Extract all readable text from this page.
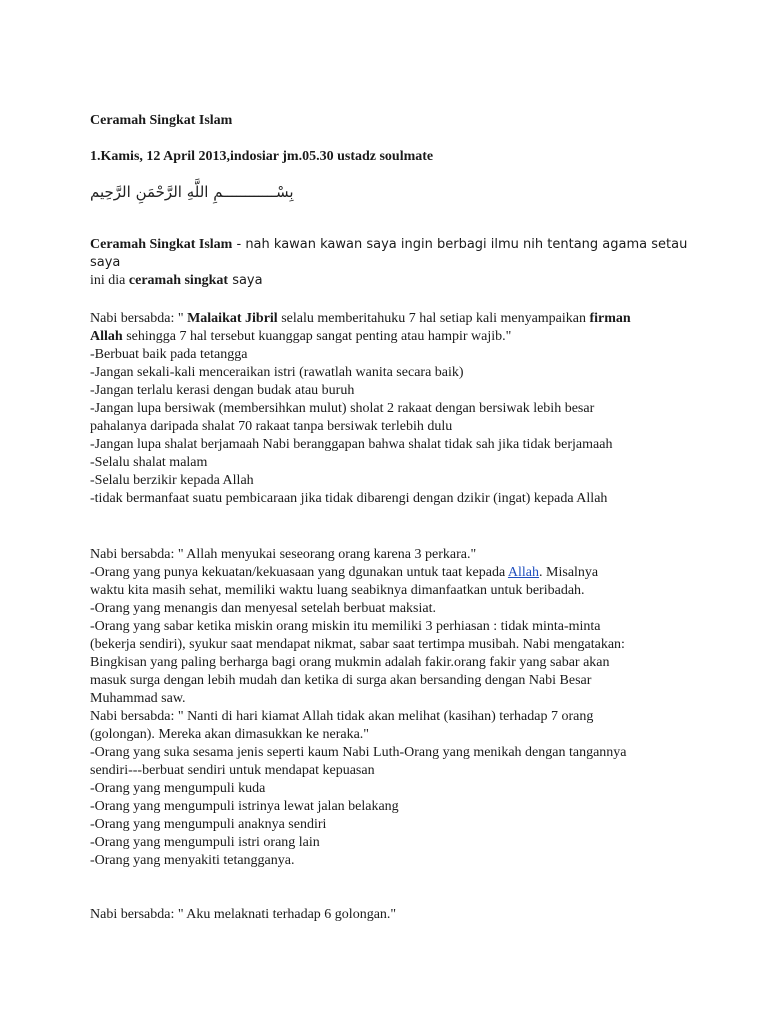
Ceramah Singkat Islam

1.Kamis, 12 April 2013,indosiar jm.05.30 ustadz soulmate

بِسْــــــــــــمِ اللَّهِ الرَّحْمَنِ الرَّحِيم

Ceramah Singkat Islam - nah kawan kawan saya ingin berbagi ilmu nih tentang agama setau
saya
ini dia ceramah singkat saya
Nabi bersabda: " Malaikat Jibril selalu memberitahuku 7 hal setiap kali menyampaikan firman
Allah sehingga 7 hal tersebut kuanggap sangat penting atau hampir wajib."
-Berbuat baik pada tetangga
-Jangan sekali-kali menceraikan istri (rawatlah wanita secara baik)
-Jangan terlalu kerasi dengan budak atau buruh
-Jangan lupa bersiwak (membersihkan mulut) sholat 2 rakaat dengan bersiwak lebih besar
pahalanya daripada shalat 70 rakaat tanpa bersiwak terlebih dulu
-Jangan lupa shalat berjamaah Nabi beranggapan bahwa shalat tidak sah jika tidak berjamaah
-Selalu shalat malam
-Selalu berzikir kepada Allah
-tidak bermanfaat suatu pembicaraan jika tidak dibarengi dengan dzikir (ingat) kepada Allah
Nabi bersabda: " Allah menyukai seseorang orang karena 3 perkara."
-Orang yang punya kekuatan/kekuasaan yang dgunakan untuk taat kepada Allah. Misalnya
waktu kita masih sehat, memiliki waktu luang seabiknya dimanfaatkan untuk beribadah.
-Orang yang menangis dan menyesal setelah berbuat maksiat.
-Orang yang sabar ketika miskin orang miskin itu memiliki 3 perhiasan : tidak minta-minta
(bekerja sendiri), syukur saat mendapat nikmat, sabar saat tertimpa musibah. Nabi mengatakan:
Bingkisan yang paling berharga bagi orang mukmin adalah fakir.orang fakir yang sabar akan
masuk surga dengan lebih mudah dan ketika di surga akan bersanding dengan Nabi Besar
Muhammad saw.
Nabi bersabda: " Nanti di hari kiamat Allah tidak akan melihat (kasihan) terhadap 7 orang
(golongan). Mereka akan dimasukkan ke neraka."
-Orang yang suka sesama jenis seperti kaum Nabi Luth-Orang yang menikah dengan tangannya
sendiri---berbuat sendiri untuk mendapat kepuasan
-Orang yang mengumpuli kuda
-Orang yang mengumpuli istrinya lewat jalan belakang
-Orang yang mengumpuli anaknya sendiri
-Orang yang mengumpuli istri orang lain
-Orang yang menyakiti tetangganya.
Nabi bersabda: " Aku melaknati terhadap 6 golongan."
